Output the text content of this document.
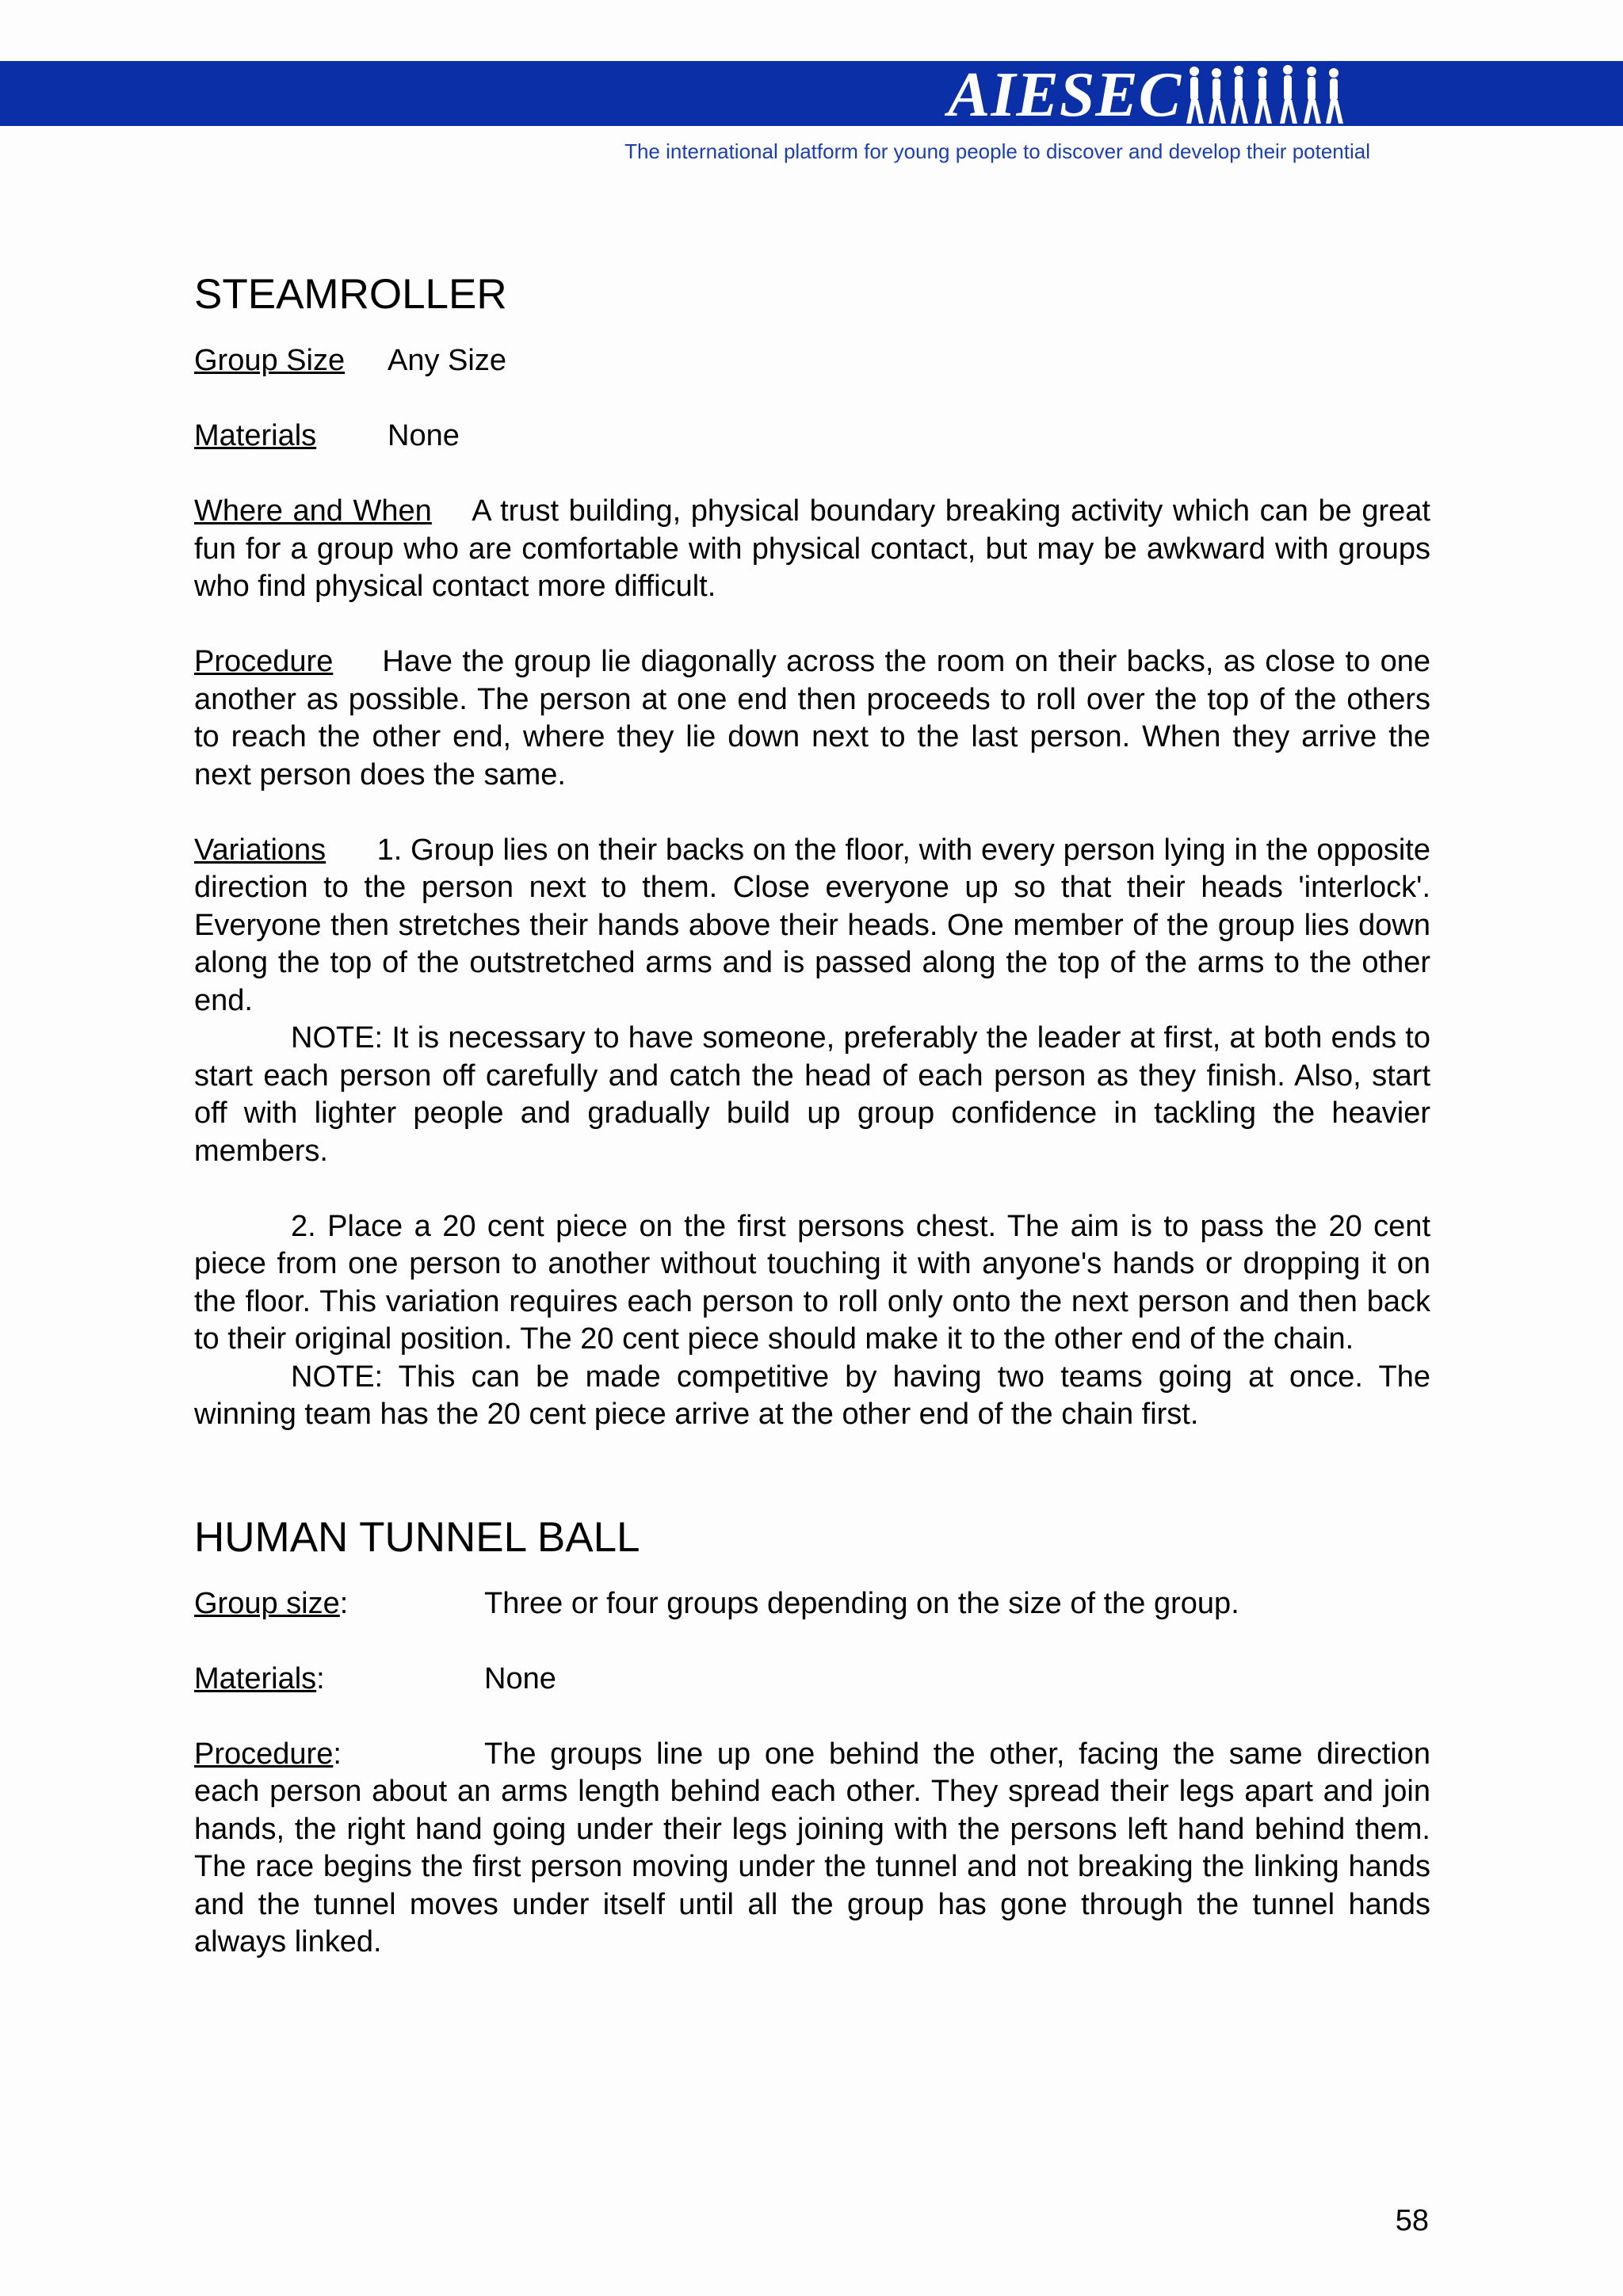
AIESEC
The international platform for young people to discover and develop their potential
STEAMROLLER

Group Size Any Size

Materials None

Where and When A trust building, physical boundary breaking activity which can be great fun for a group who are comfortable with physical contact, but may be awkward with groups who find physical contact more difficult.

Procedure Have the group lie diagonally across the room on their backs, as close to one another as possible. The person at one end then proceeds to roll over the top of the others to reach the other end, where they lie down next to the last person. When they arrive the next person does the same.

Variations 1. Group lies on their backs on the floor, with every person lying in the opposite direction to the person next to them. Close everyone up so that their heads 'interlock'. Everyone then stretches their hands above their heads. One member of the group lies down along the top of the outstretched arms and is passed along the top of the arms to the other end.

NOTE: It is necessary to have someone, preferably the leader at first, at both ends to start each person off carefully and catch the head of each person as they finish. Also, start off with lighter people and gradually build up group confidence in tackling the heavier members.

2. Place a 20 cent piece on the first persons chest. The aim is to pass the 20 cent piece from one person to another without touching it with anyone's hands or dropping it on the floor. This variation requires each person to roll only onto the next person and then back to their original position. The 20 cent piece should make it to the other end of the chain.

NOTE: This can be made competitive by having two teams going at once. The winning team has the 20 cent piece arrive at the other end of the chain first.

HUMAN TUNNEL BALL

Group size:	Three or four groups depending on the size of the group.

Materials:	None

Procedure:	The groups line up one behind the other, facing the same direction each person about an arms length behind each other. They spread their legs apart and join hands, the right hand going under their legs joining with the persons left hand behind them. The race begins the first person moving under the tunnel and not breaking the linking hands and the tunnel moves under itself until all the group has gone through the tunnel hands always linked.

58
